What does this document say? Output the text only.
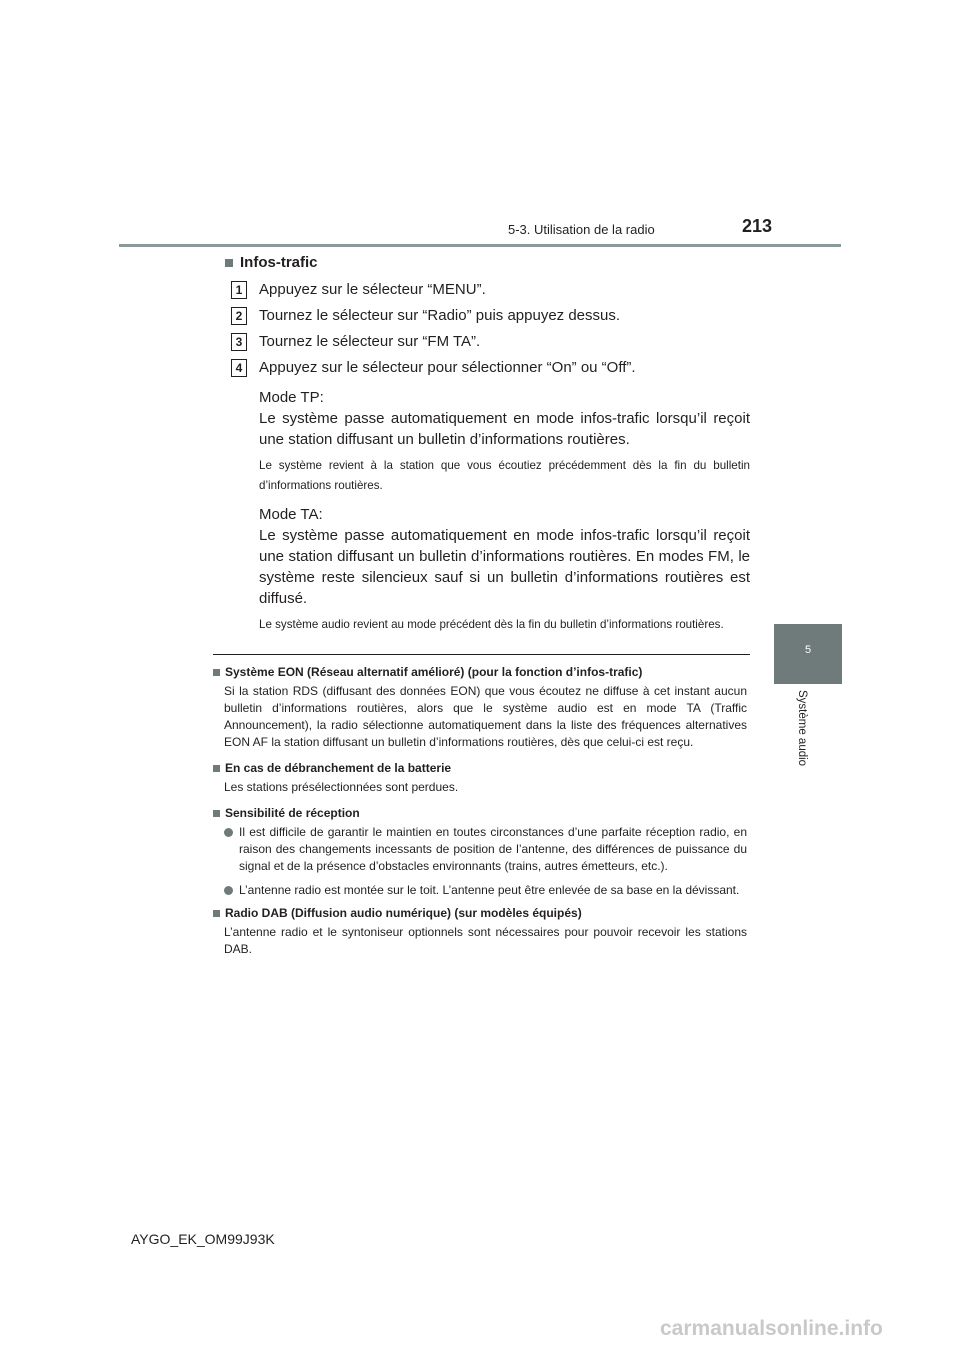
5-3. Utilisation de la radio	213
5
Système audio
Infos-trafic
1	Appuyez sur le sélecteur “MENU”.
2	Tournez le sélecteur sur “Radio” puis appuyez dessus.
3	Tournez le sélecteur sur “FM TA”.
4	Appuyez sur le sélecteur pour sélectionner “On” ou “Off”.
Mode TP:
Le système passe automatiquement en mode infos-trafic lorsqu’il reçoit une station diffusant un bulletin d’informations routières.
Le système revient à la station que vous écoutiez précédemment dès la fin du bulletin d’informations routières.
Mode TA:
Le système passe automatiquement en mode infos-trafic lorsqu’il reçoit une station diffusant un bulletin d’informations routières. En modes FM, le système reste silencieux sauf si un bulletin d’informations routières est diffusé.
Le système audio revient au mode précédent dès la fin du bulletin d’informations routières.
Système EON (Réseau alternatif amélioré) (pour la fonction d’infos-trafic)
Si la station RDS (diffusant des données EON) que vous écoutez ne diffuse à cet instant aucun bulletin d’informations routières, alors que le système audio est en mode TA (Traffic Announcement), la radio sélectionne automatiquement dans la liste des fréquences alternatives EON AF la station diffusant un bulletin d’informations routières, dès que celui-ci est reçu.
En cas de débranchement de la batterie
Les stations présélectionnées sont perdues.
Sensibilité de réception
Il est difficile de garantir le maintien en toutes circonstances d’une parfaite réception radio, en raison des changements incessants de position de l’antenne, des différences de puissance du signal et de la présence d’obstacles environnants (trains, autres émetteurs, etc.).
L’antenne radio est montée sur le toit. L’antenne peut être enlevée de sa base en la dévissant.
Radio DAB (Diffusion audio numérique) (sur modèles équipés)
L’antenne radio et le syntoniseur optionnels sont nécessaires pour pouvoir recevoir les stations DAB.
AYGO_EK_OM99J93K
carmanualsonline.info
